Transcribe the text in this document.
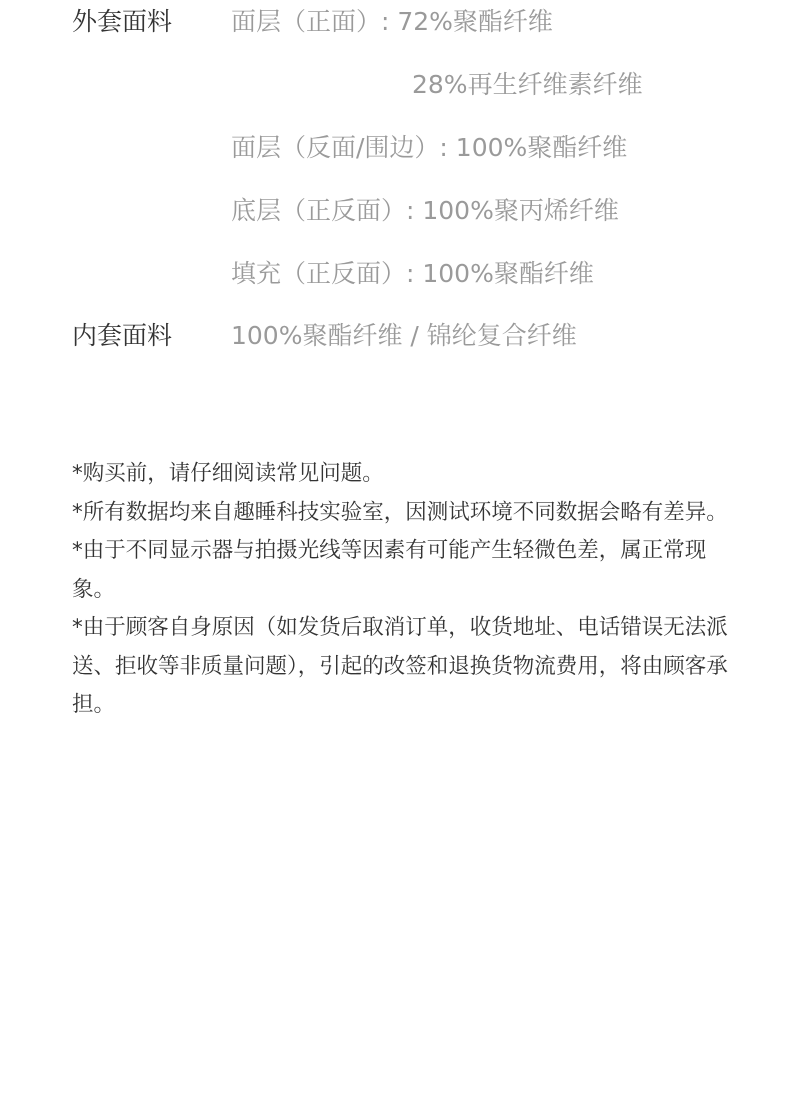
外套面料 面层（正面）: 72%聚酯纤维
28%再生纤维素纤维
面层（反面/围边）: 100%聚酯纤维
底层（正反面）: 100%聚丙烯纤维
填充（正反面）: 100%聚酯纤维
内套面料 100%聚酯纤维 / 锦纶复合纤维

*购买前，请仔细阅读常见问题。

*所有数据均来自趣睡科技实验室，因测试环境不同数据会略有差异。

*由于不同显示器与拍摄光线等因素有可能产生轻微色差，属正常现象。

*由于顾客自身原因（如发货后取消订单，收货地址、电话错误无法派送、拒收等非质量问题），引起的改签和退换货物流费用，将由顾客承担。
